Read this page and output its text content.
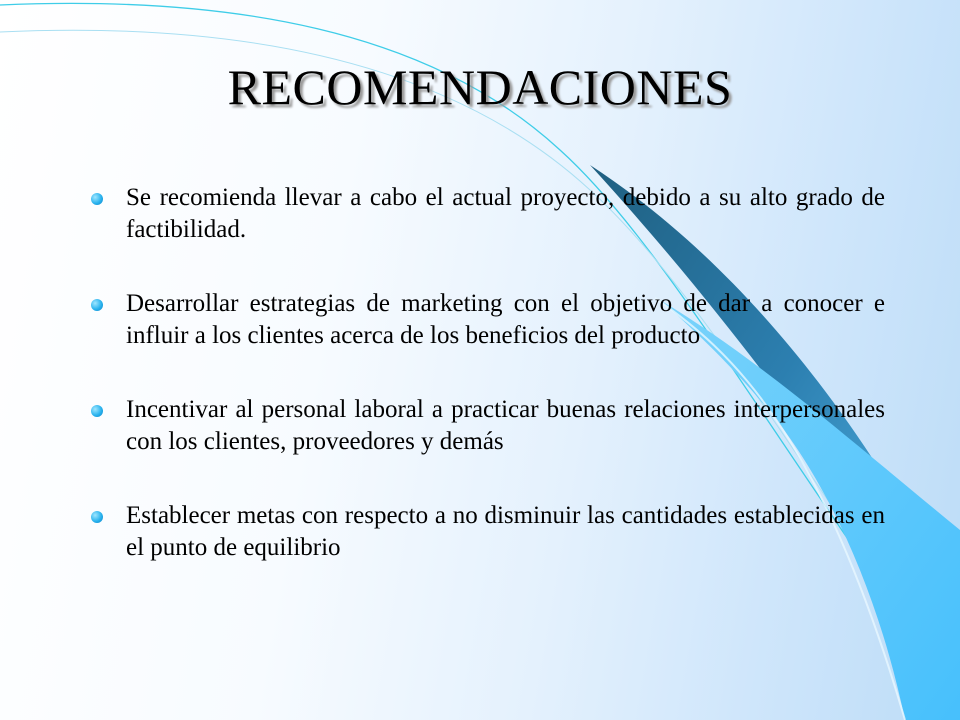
RECOMENDACIONES
Se recomienda llevar a cabo el actual proyecto, debido a su alto grado de factibilidad.
Desarrollar estrategias de marketing con el objetivo de dar a conocer e influir a los clientes acerca de los beneficios del producto
Incentivar al personal laboral a practicar buenas relaciones interpersonales con los clientes, proveedores y demás
Establecer metas con respecto a no disminuir las cantidades establecidas en el punto de equilibrio
